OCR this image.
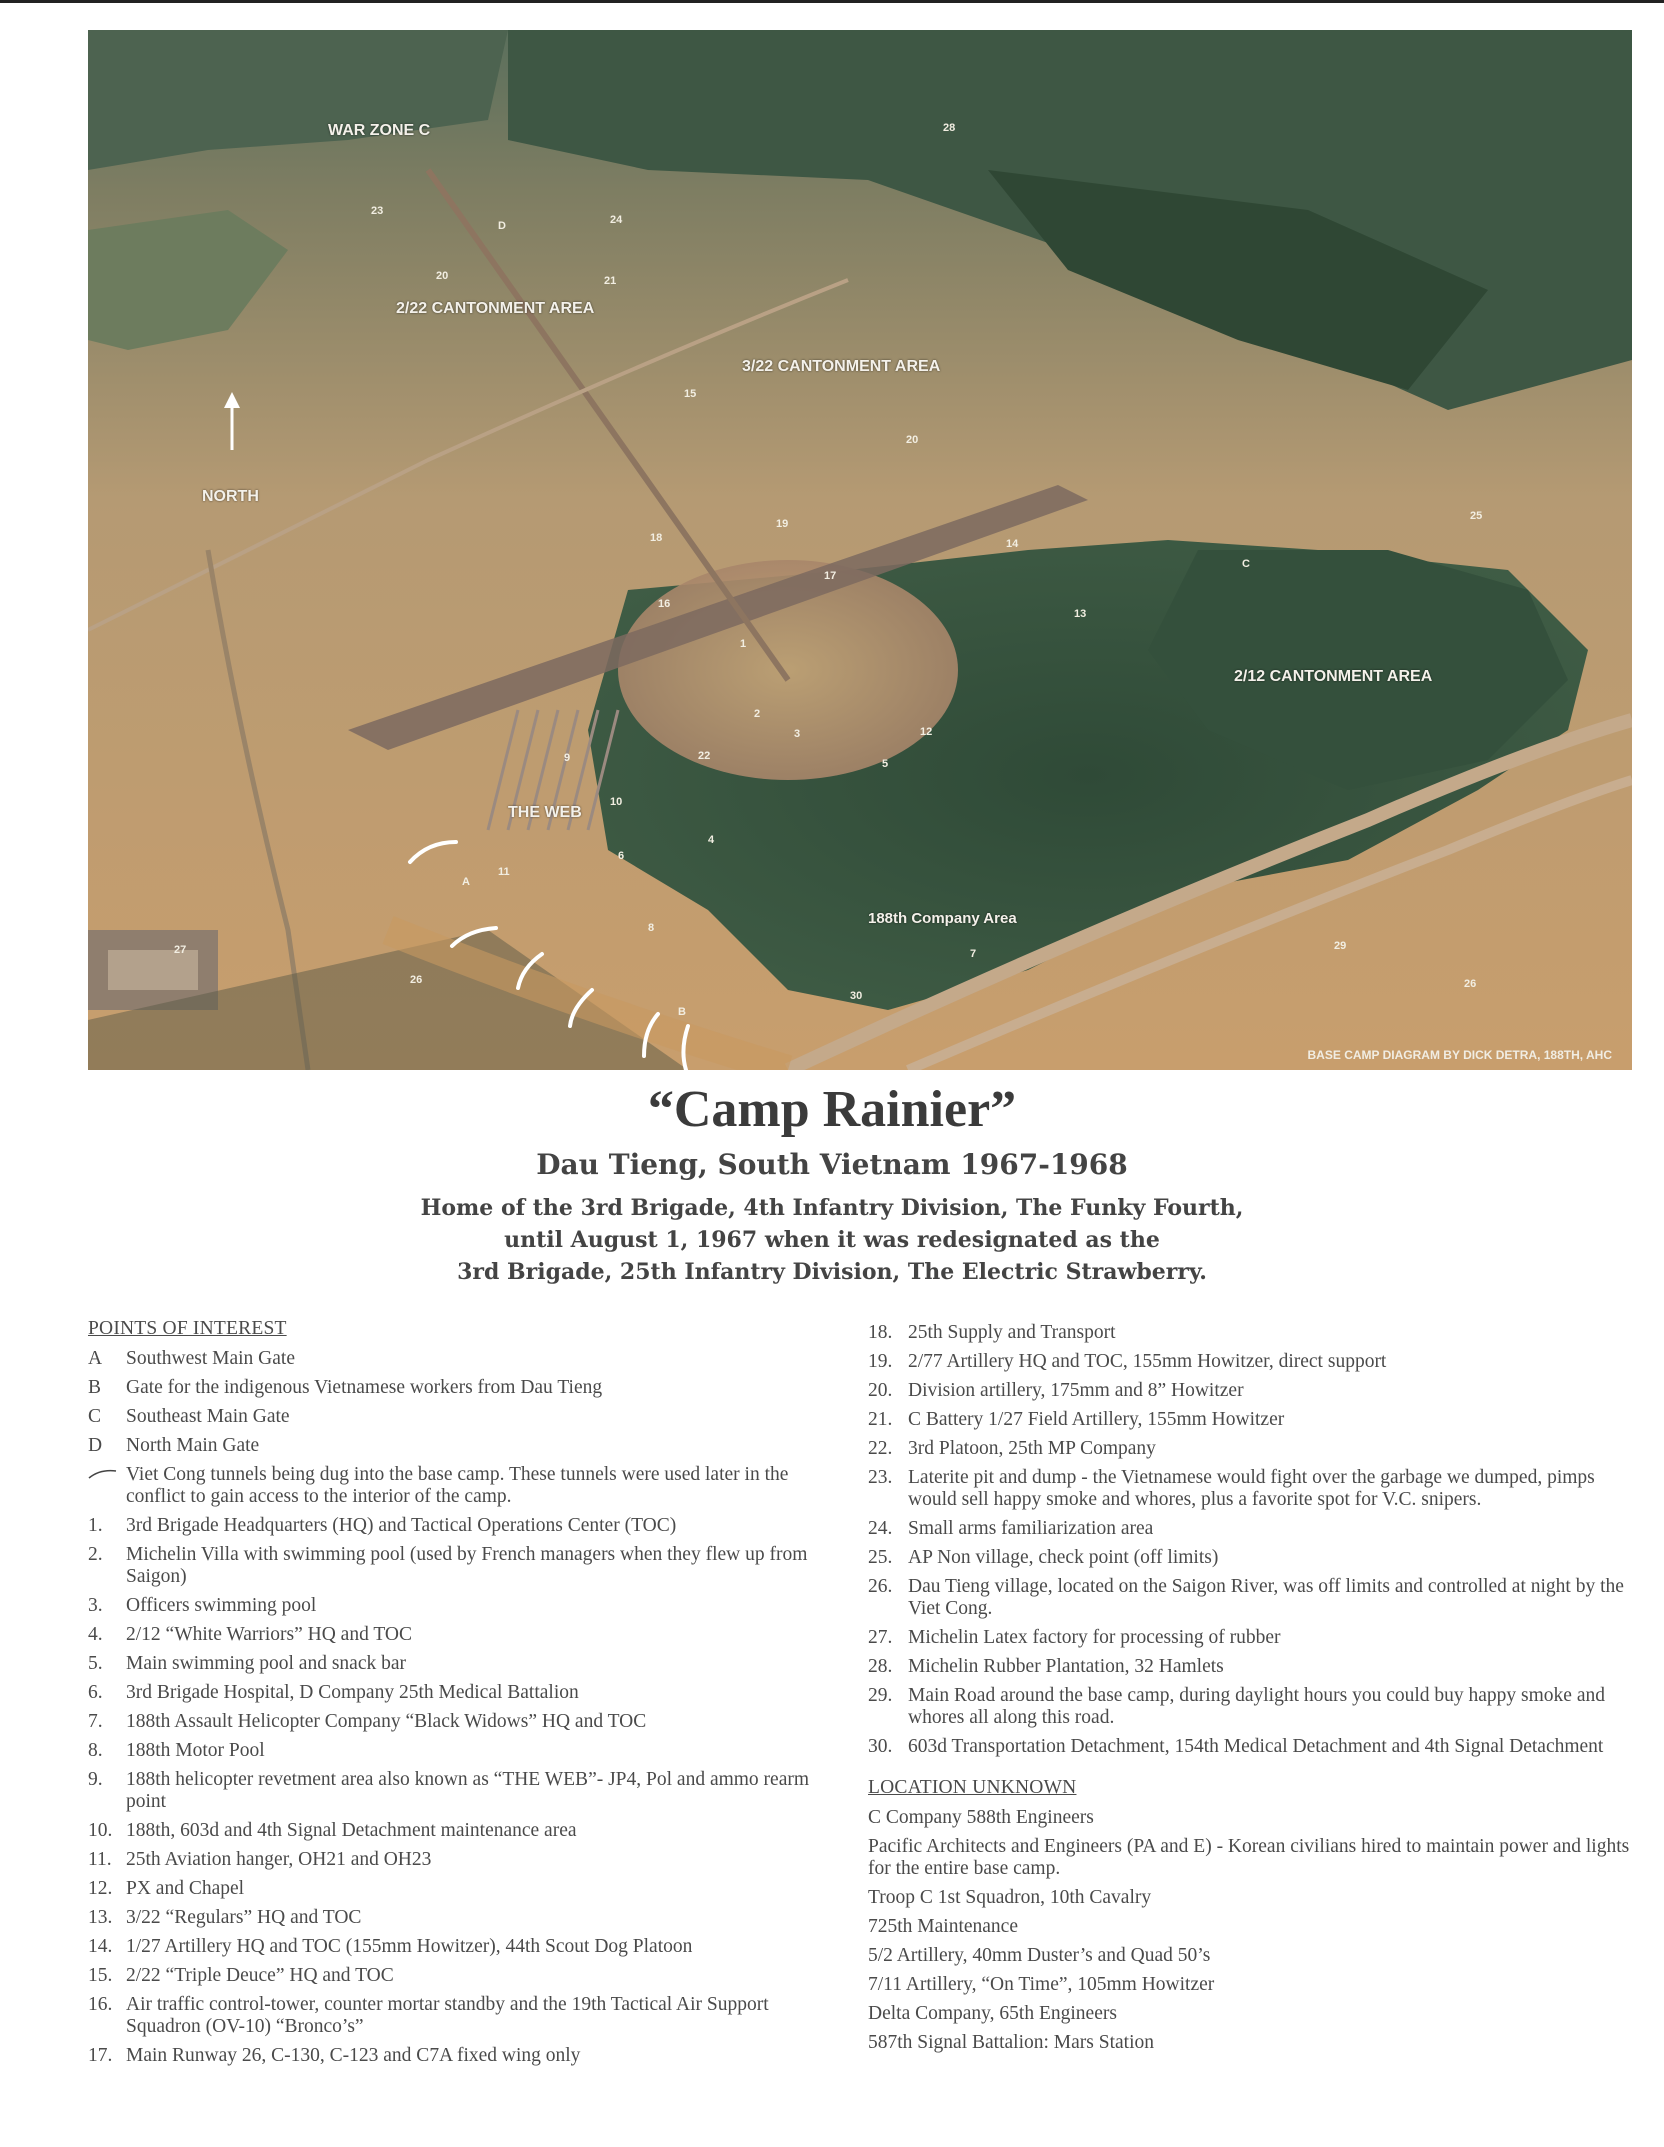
WAR ZONE C
2/22 CANTONMENT AREA
3/22 CANTONMENT AREA
2/12 CANTONMENT AREA
NORTH
THE WEB
188th Company Area
28
23
D	24
20	21
15
20
19
18
17
14
16
13
C
25
1
2
3	12
22
5
9
10
4
6
A
11
8
7
B
27
26
30
29
26
BASE CAMP DIAGRAM BY DICK DETRA, 188TH, AHC
“Camp Rainier”
Dau Tieng, South Vietnam 1967-1968
Home of the 3rd Brigade, 4th Infantry Division, The Funky Fourth,
until August 1, 1967 when it was redesignated as the
3rd Brigade, 25th Infantry Division, The Electric Strawberry.
POINTS OF INTEREST
A	Southwest Main Gate
B	Gate for the indigenous Vietnamese workers from Dau Tieng
C	Southeast Main Gate
D	North Main Gate
Viet Cong tunnels being dug into the base camp. These tunnels were used later in the conflict to gain access to the interior of the camp.
1.	3rd Brigade Headquarters (HQ) and Tactical Operations Center (TOC)
2.	Michelin Villa with swimming pool (used by French managers when they flew up from Saigon)
3.	Officers swimming pool
4.	2/12 “White Warriors” HQ and TOC
5.	Main swimming pool and snack bar
6.	3rd Brigade Hospital, D Company 25th Medical Battalion
7.	188th Assault Helicopter Company “Black Widows” HQ and TOC
8.	188th Motor Pool
9.	188th helicopter revetment area also known as “THE WEB”- JP4, Pol and ammo rearm point
10. 188th, 603d and 4th Signal Detachment maintenance area
11. 25th Aviation hanger, OH21 and OH23
12. PX and Chapel
13. 3/22 “Regulars” HQ and TOC
14. 1/27 Artillery HQ and TOC (155mm Howitzer), 44th Scout Dog Platoon
15. 2/22 “Triple Deuce” HQ and TOC
16. Air traffic control-tower, counter mortar standby and the 19th Tactical Air Support Squadron (OV-10) “Bronco’s”
17. Main Runway 26, C-130, C-123 and C7A fixed wing only
18. 25th Supply and Transport
19. 2/77 Artillery HQ and TOC, 155mm Howitzer, direct support
20. Division artillery, 175mm and 8” Howitzer
21. C Battery 1/27 Field Artillery, 155mm Howitzer
22. 3rd Platoon, 25th MP Company
23. Laterite pit and dump - the Vietnamese would fight over the garbage we dumped, pimps would sell happy smoke and whores, plus a favorite spot for V.C. snipers.
24. Small arms familiarization area
25. AP Non village, check point (off limits)
26. Dau Tieng village, located on the Saigon River, was off limits and controlled at night by the Viet Cong.
27. Michelin Latex factory for processing of rubber
28. Michelin Rubber Plantation, 32 Hamlets
29. Main Road around the base camp, during daylight hours you could buy happy smoke and whores all along this road.
30. 603d Transportation Detachment, 154th Medical Detachment and 4th Signal Detachment
LOCATION UNKNOWN
C Company 588th Engineers
Pacific Architects and Engineers (PA and E) - Korean civilians hired to maintain power and lights for the entire base camp.
Troop C 1st Squadron, 10th Cavalry
725th Maintenance
5/2 Artillery, 40mm Duster’s and Quad 50’s
7/11 Artillery, “On Time”, 105mm Howitzer
Delta Company, 65th Engineers
587th Signal Battalion: Mars Station
